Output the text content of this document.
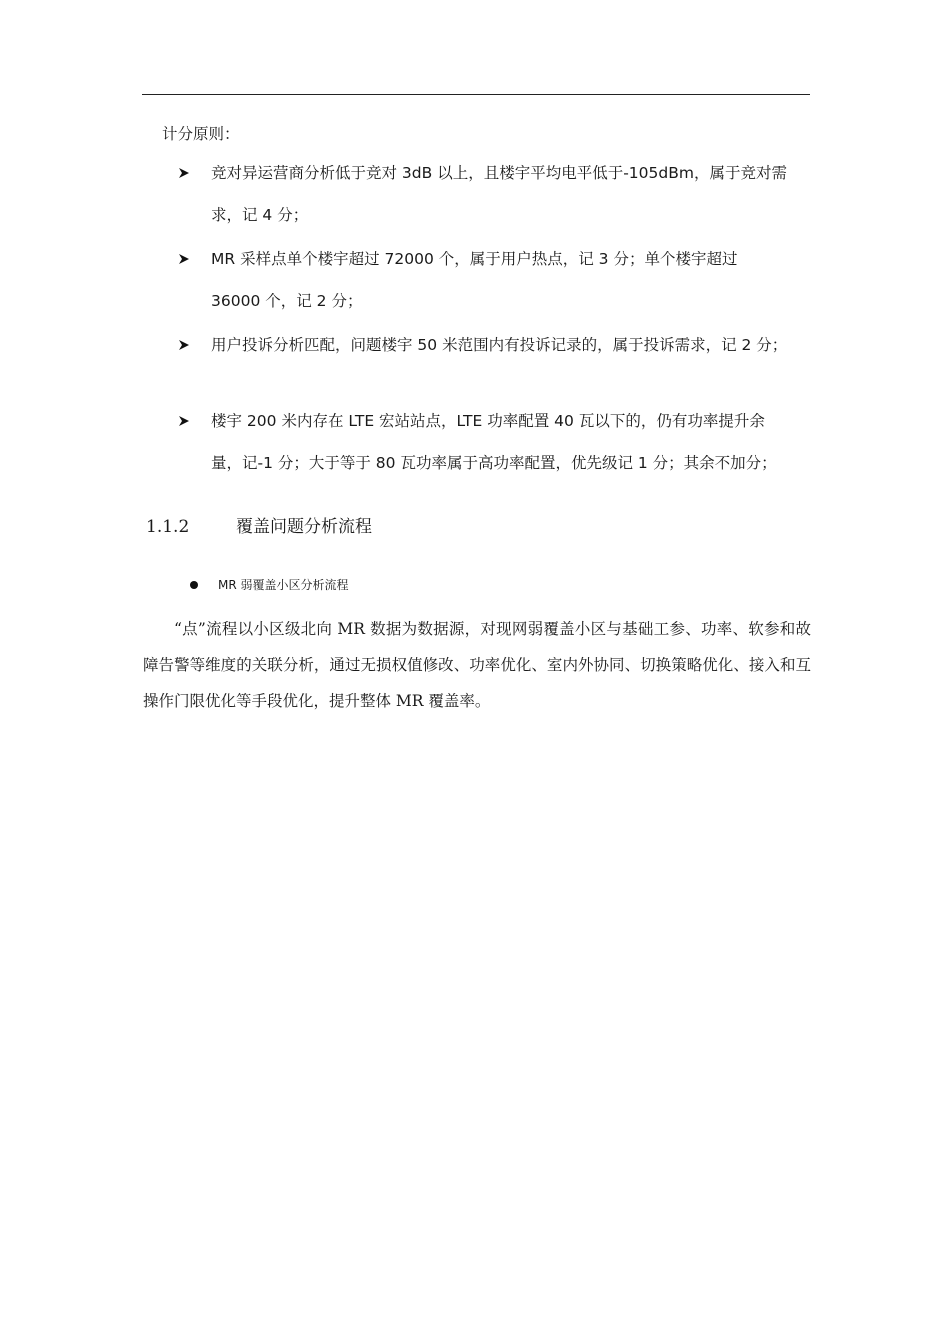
计分原则：
竞对异运营商分析低于竞对 3dB 以上，且楼宇平均电平低于-105dBm，属于竞对需求，记 4 分；
MR 采样点单个楼宇超过 72000 个，属于用户热点，记 3 分；单个楼宇超过 36000 个，记 2 分；
用户投诉分析匹配，问题楼宇 50 米范围内有投诉记录的，属于投诉需求，记 2 分；
楼宇 200 米内存在 LTE 宏站站点，LTE 功率配置 40 瓦以下的，仍有功率提升余量，记-1 分；大于等于 80 瓦功率属于高功率配置，优先级记 1 分；其余不加分；
1.1.2	覆盖问题分析流程
MR 弱覆盖小区分析流程
“点”流程以小区级北向 MR 数据为数据源，对现网弱覆盖小区与基础工参、功率、软参和故障告警等维度的关联分析，通过无损权值修改、功率优化、室内外协同、切换策略优化、接入和互操作门限优化等手段优化，提升整体 MR 覆盖率。
